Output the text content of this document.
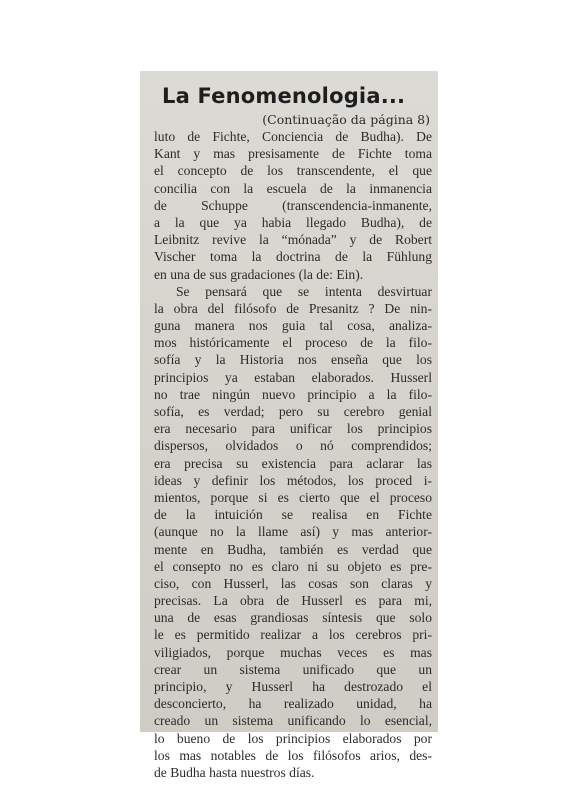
La Fenomenologia...
(Continuação da página 8)
luto de Fichte, Conciencia de Budha). De
Kant y mas presisamente de Fichte toma
el concepto de los transcendente, el que
concilia con la escuela de la inmanencia
de Schuppe (transcendencia-inmanente,
a la que ya habia llegado Budha), de
Leibnitz revive la “mónada” y de Robert
Vischer toma la doctrina de la Fühlung
en una de sus gradaciones (la de: Ein).
Se pensará que se intenta desvirtuar
la obra del filósofo de Presanitz ? De nin-
guna manera nos guia tal cosa, analiza-
mos históricamente el proceso de la filo-
sofía y la Historia nos enseña que los
principios ya estaban elaborados. Husserl
no trae ningún nuevo principio a la filo-
sofía, es verdad; pero su cerebro genial
era necesario para unificar los principios
dispersos, olvidados o nó comprendidos;
era precisa su existencia para aclarar las
ideas y definir los métodos, los proced i-
mientos, porque si es cierto que el proceso
de la intuición se realisa en Fichte
(aunque no la llame así) y mas anterior-
mente en Budha, también es verdad que
el consepto no es claro ni su objeto es pre-
ciso, con Husserl, las cosas son claras y
precisas. La obra de Husserl es para mi,
una de esas grandiosas síntesis que solo
le es permitido realizar a los cerebros pri-
viligiados, porque muchas veces es mas
crear un sistema unificado que un
principio, y Husserl ha destrozado el
desconcierto, ha realizado unidad, ha
creado un sistema unificando lo esencial,
lo bueno de los principios elaborados por
los mas notables de los filósofos arios, des-
de Budha hasta nuestros días.
